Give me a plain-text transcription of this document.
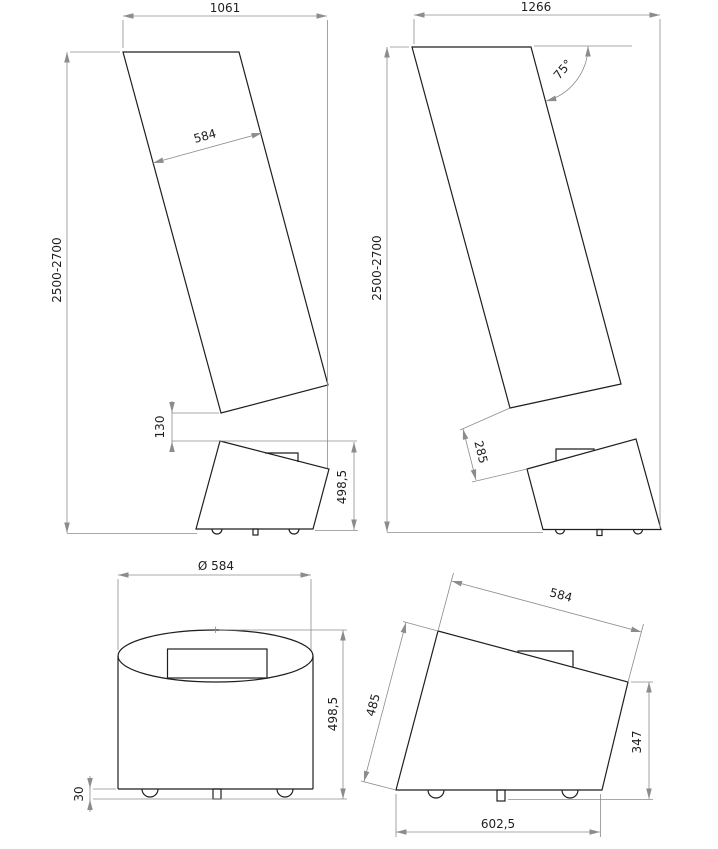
1061
584
2500-2700
130
498,5
1266
75°
2500-2700
285
Ø 584
498,5
30
584
485
347
602,5
